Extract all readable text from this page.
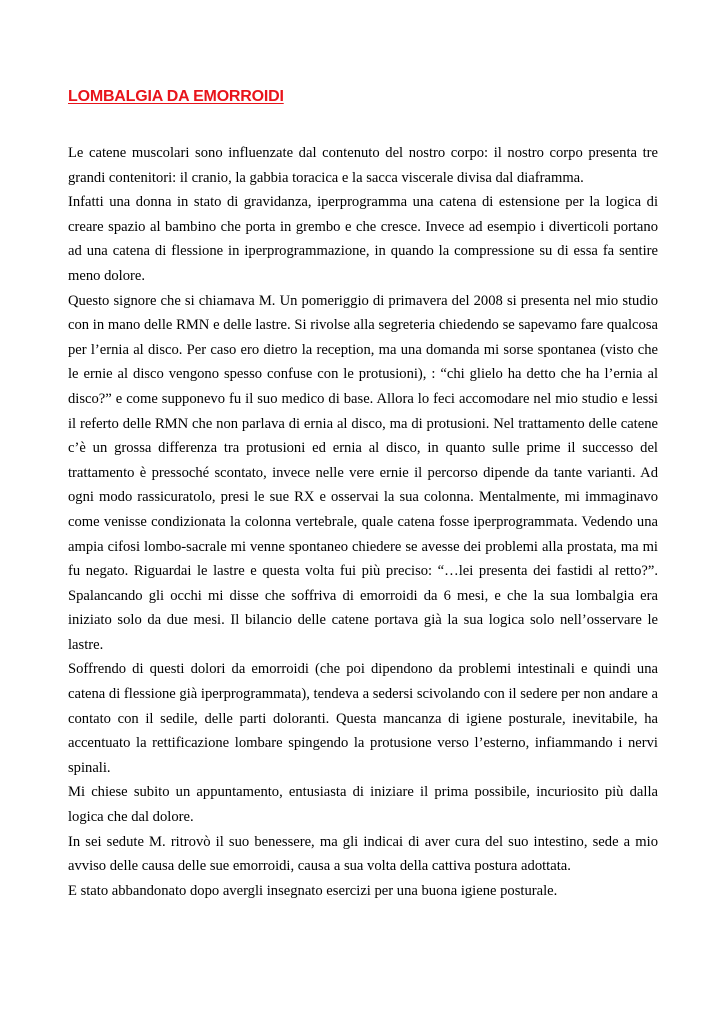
LOMBALGIA DA EMORROIDI

Le catene muscolari sono influenzate dal contenuto del nostro corpo: il nostro corpo presenta tre grandi contenitori: il cranio, la gabbia toracica e la sacca viscerale divisa dal diaframma.

Infatti una donna in stato di gravidanza, iperprogramma una catena di estensione per la logica di creare spazio al bambino che porta in grembo e che cresce. Invece ad esempio i diverticoli portano ad una catena di flessione in iperprogrammazione, in quando la compressione su di essa fa sentire meno dolore.

Questo signore che si chiamava M. Un pomeriggio di primavera del 2008 si presenta nel mio studio con in mano delle RMN e delle lastre. Si rivolse alla segreteria chiedendo se sapevamo fare qualcosa per l’ernia al disco. Per caso ero dietro la reception, ma una domanda mi sorse spontanea (visto che le ernie al disco vengono spesso confuse con le protusioni), : “chi glielo ha detto che ha l’ernia al disco?” e come supponevo fu il suo medico di base. Allora lo feci accomodare nel mio studio e lessi il referto delle RMN che non parlava di ernia al disco, ma di protusioni. Nel trattamento delle catene c’è un grossa differenza tra protusioni ed ernia al disco, in quanto sulle prime il successo del trattamento è pressoché scontato, invece nelle vere ernie il percorso dipende da tante varianti. Ad ogni modo rassicuratolo, presi le sue RX e osservai la sua colonna. Mentalmente, mi immaginavo come venisse condizionata la colonna vertebrale, quale catena fosse iperprogrammata. Vedendo una ampia cifosi lombo-sacrale mi venne spontaneo chiedere se avesse dei problemi alla prostata, ma mi fu negato. Riguardai le lastre e questa volta fui più preciso: “…lei presenta dei fastidi al retto?”. Spalancando gli occhi mi disse che soffriva di emorroidi da 6 mesi, e che la sua lombalgia era iniziato solo da due mesi. Il bilancio delle catene portava già la sua logica solo nell’osservare le lastre.

Soffrendo di questi dolori da emorroidi (che poi dipendono da problemi intestinali e quindi una catena di flessione già iperprogrammata), tendeva a sedersi scivolando con il sedere per non andare a contato con il sedile, delle parti doloranti. Questa mancanza di igiene posturale, inevitabile, ha accentuato la rettificazione lombare spingendo la protusione verso l’esterno, infiammando i nervi spinali.

Mi chiese subito un appuntamento, entusiasta di iniziare il prima possibile, incuriosito più dalla logica che dal dolore.

In sei sedute M. ritrovò il suo benessere, ma gli indicai di aver cura del suo intestino, sede a mio avviso delle causa delle sue emorroidi, causa a sua volta della cattiva postura adottata.

E stato abbandonato dopo avergli insegnato esercizi per una buona igiene posturale.
